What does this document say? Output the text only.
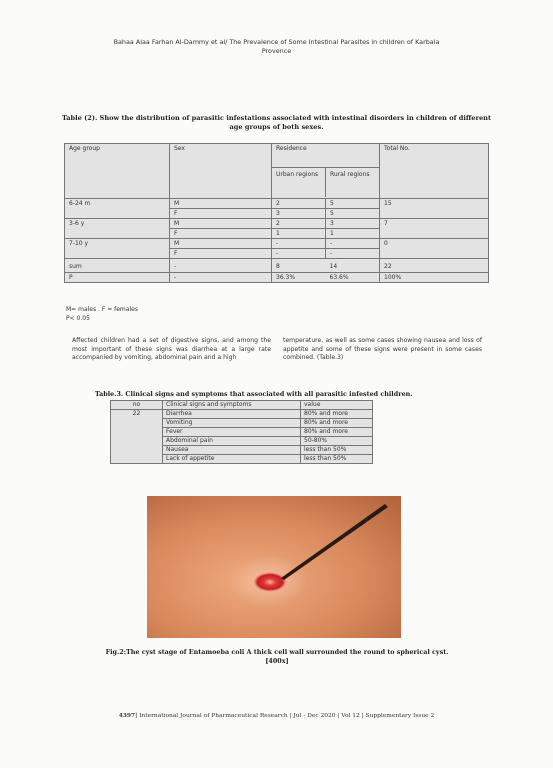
Bahaa Alaa Farhan Al-Dammy et al/ The Prevalence of Some Intestinal Parasites in children of Karbala
Provence
Table (2). Show the distribution of parasitic infestations associated with intestinal disorders in children of different age groups of both sexes.
Age group	Sex	Residence
Urban regions Rural regions	Total No.
6-24 m	M	2 5	15
	F	3 5	

3-6 y	M	2 3	7
	F	1 1	

7-10 y	M	- -	0
	F	- -	

sum	-	8 14	22
P	-	36.3% 63.6%	100%
M= males . F = females
P< 0.05

Affected children had a set of digestive signs, and among the most important of these signs was diarrhea at a large rate accompanied by vomiting, abdominal pain and a high

temperature, as well as some cases showing nausea and loss of appetite and some of these signs were present in some cases combined. (Table.3)

Table.3. Clinical signs and symptoms that associated with all parasitic infested children.
no	Clinical signs and symptoms	value
22	Diarrhea	80% and more
	Vomiting	80% and more
	Fever	80% and more
	Abdominal pain	50-80%
	Nausea	less than 50%
	Lack of appetite	less than 50%
Fig.2:The cyst stage of Entamoeba coli A thick cell wall surrounded the round to spherical cyst.
[400x]
4397| International Journal of Pharmaceutical Research | Jul - Dec 2020 | Vol 12 | Supplementary Issue 2
